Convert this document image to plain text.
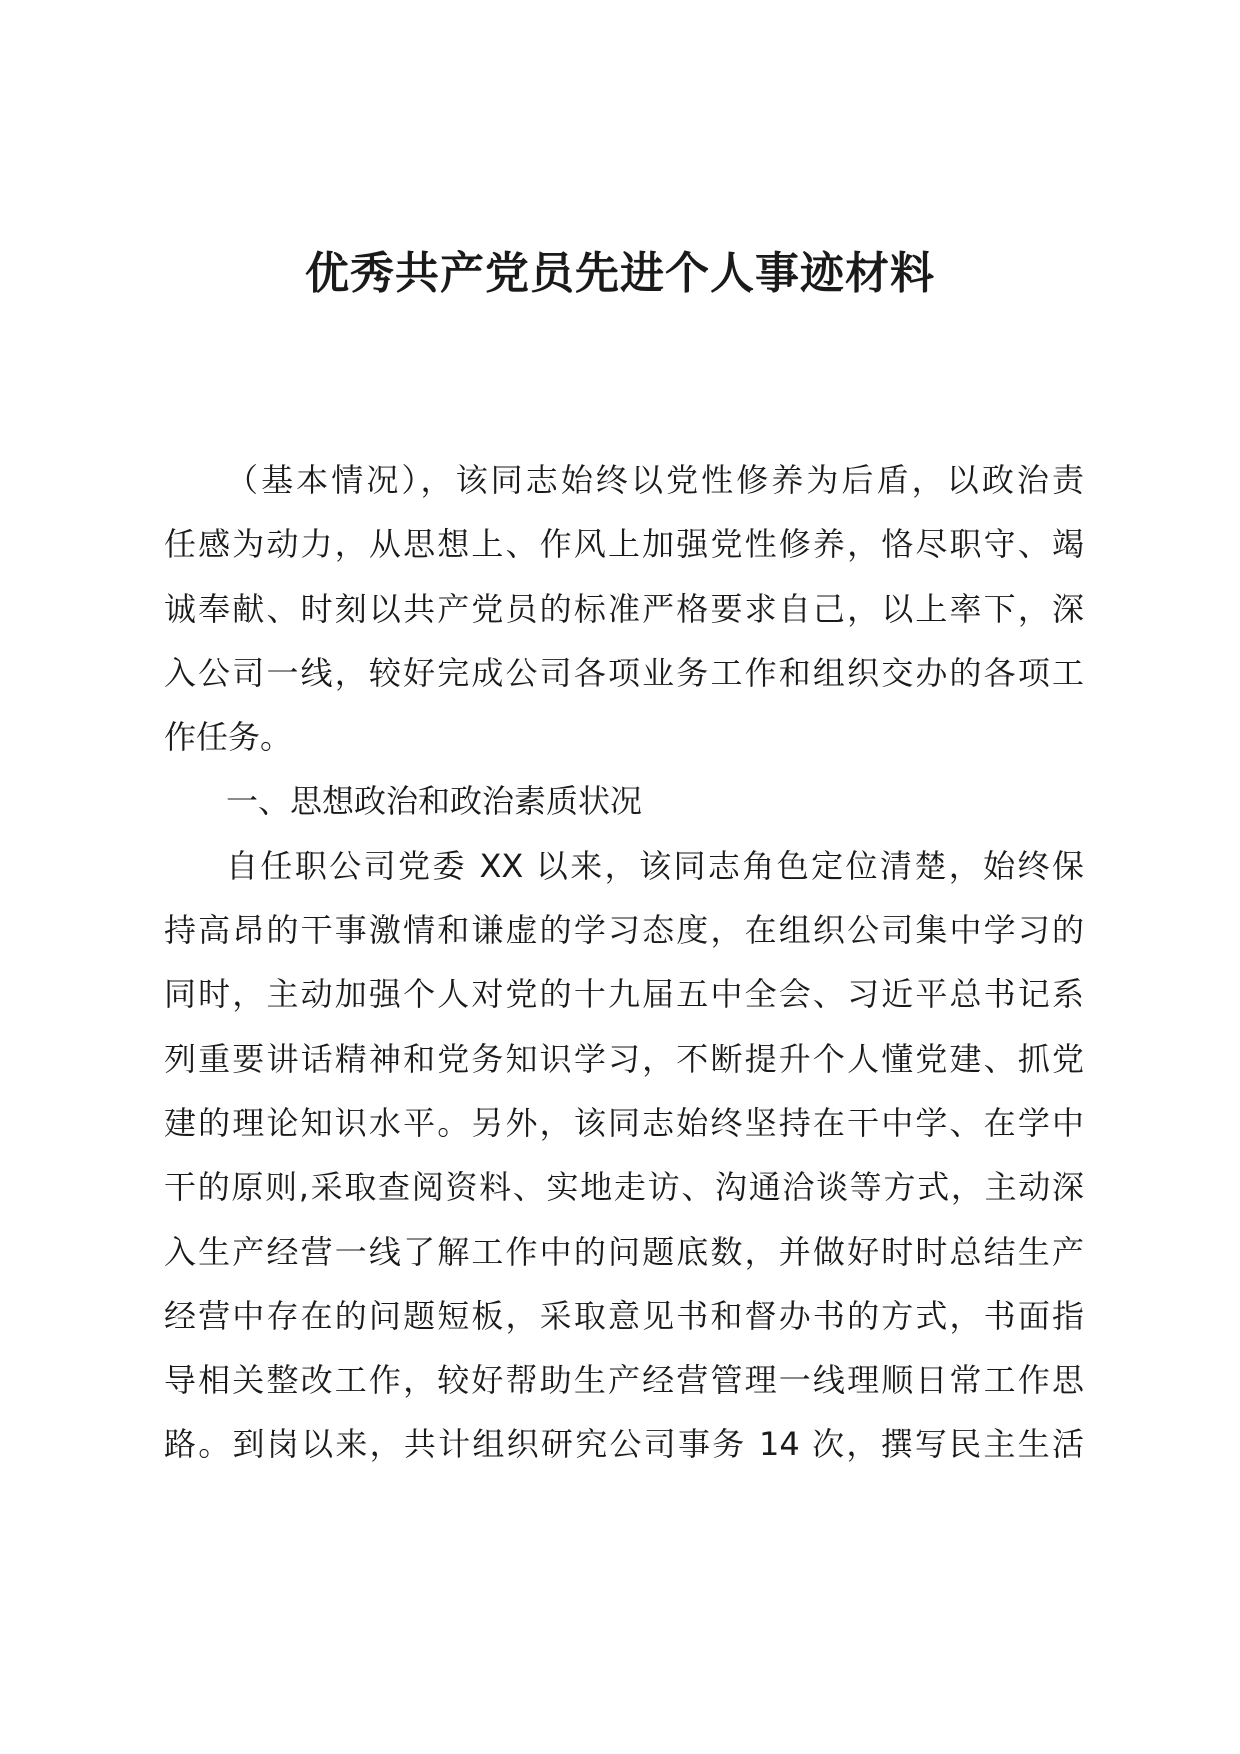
优秀共产党员先进个人事迹材料
（基本情况），该同志始终以党性修养为后盾，以政治责
任感为动力，从思想上、作风上加强党性修养，恪尽职守、竭
诚奉献、时刻以共产党员的标准严格要求自己，以上率下，深
入公司一线，较好完成公司各项业务工作和组织交办的各项工
作任务。
一、思想政治和政治素质状况
自任职公司党委 XX 以来，该同志角色定位清楚，始终保
持高昂的干事激情和谦虚的学习态度，在组织公司集中学习的
同时，主动加强个人对党的十九届五中全会、习近平总书记系
列重要讲话精神和党务知识学习，不断提升个人懂党建、抓党
建的理论知识水平。另外，该同志始终坚持在干中学、在学中
干的原则,采取查阅资料、实地走访、沟通洽谈等方式，主动深
入生产经营一线了解工作中的问题底数，并做好时时总结生产
经营中存在的问题短板，采取意见书和督办书的方式，书面指
导相关整改工作，较好帮助生产经营管理一线理顺日常工作思
路。到岗以来，共计组织研究公司事务 14 次，撰写民主生活
